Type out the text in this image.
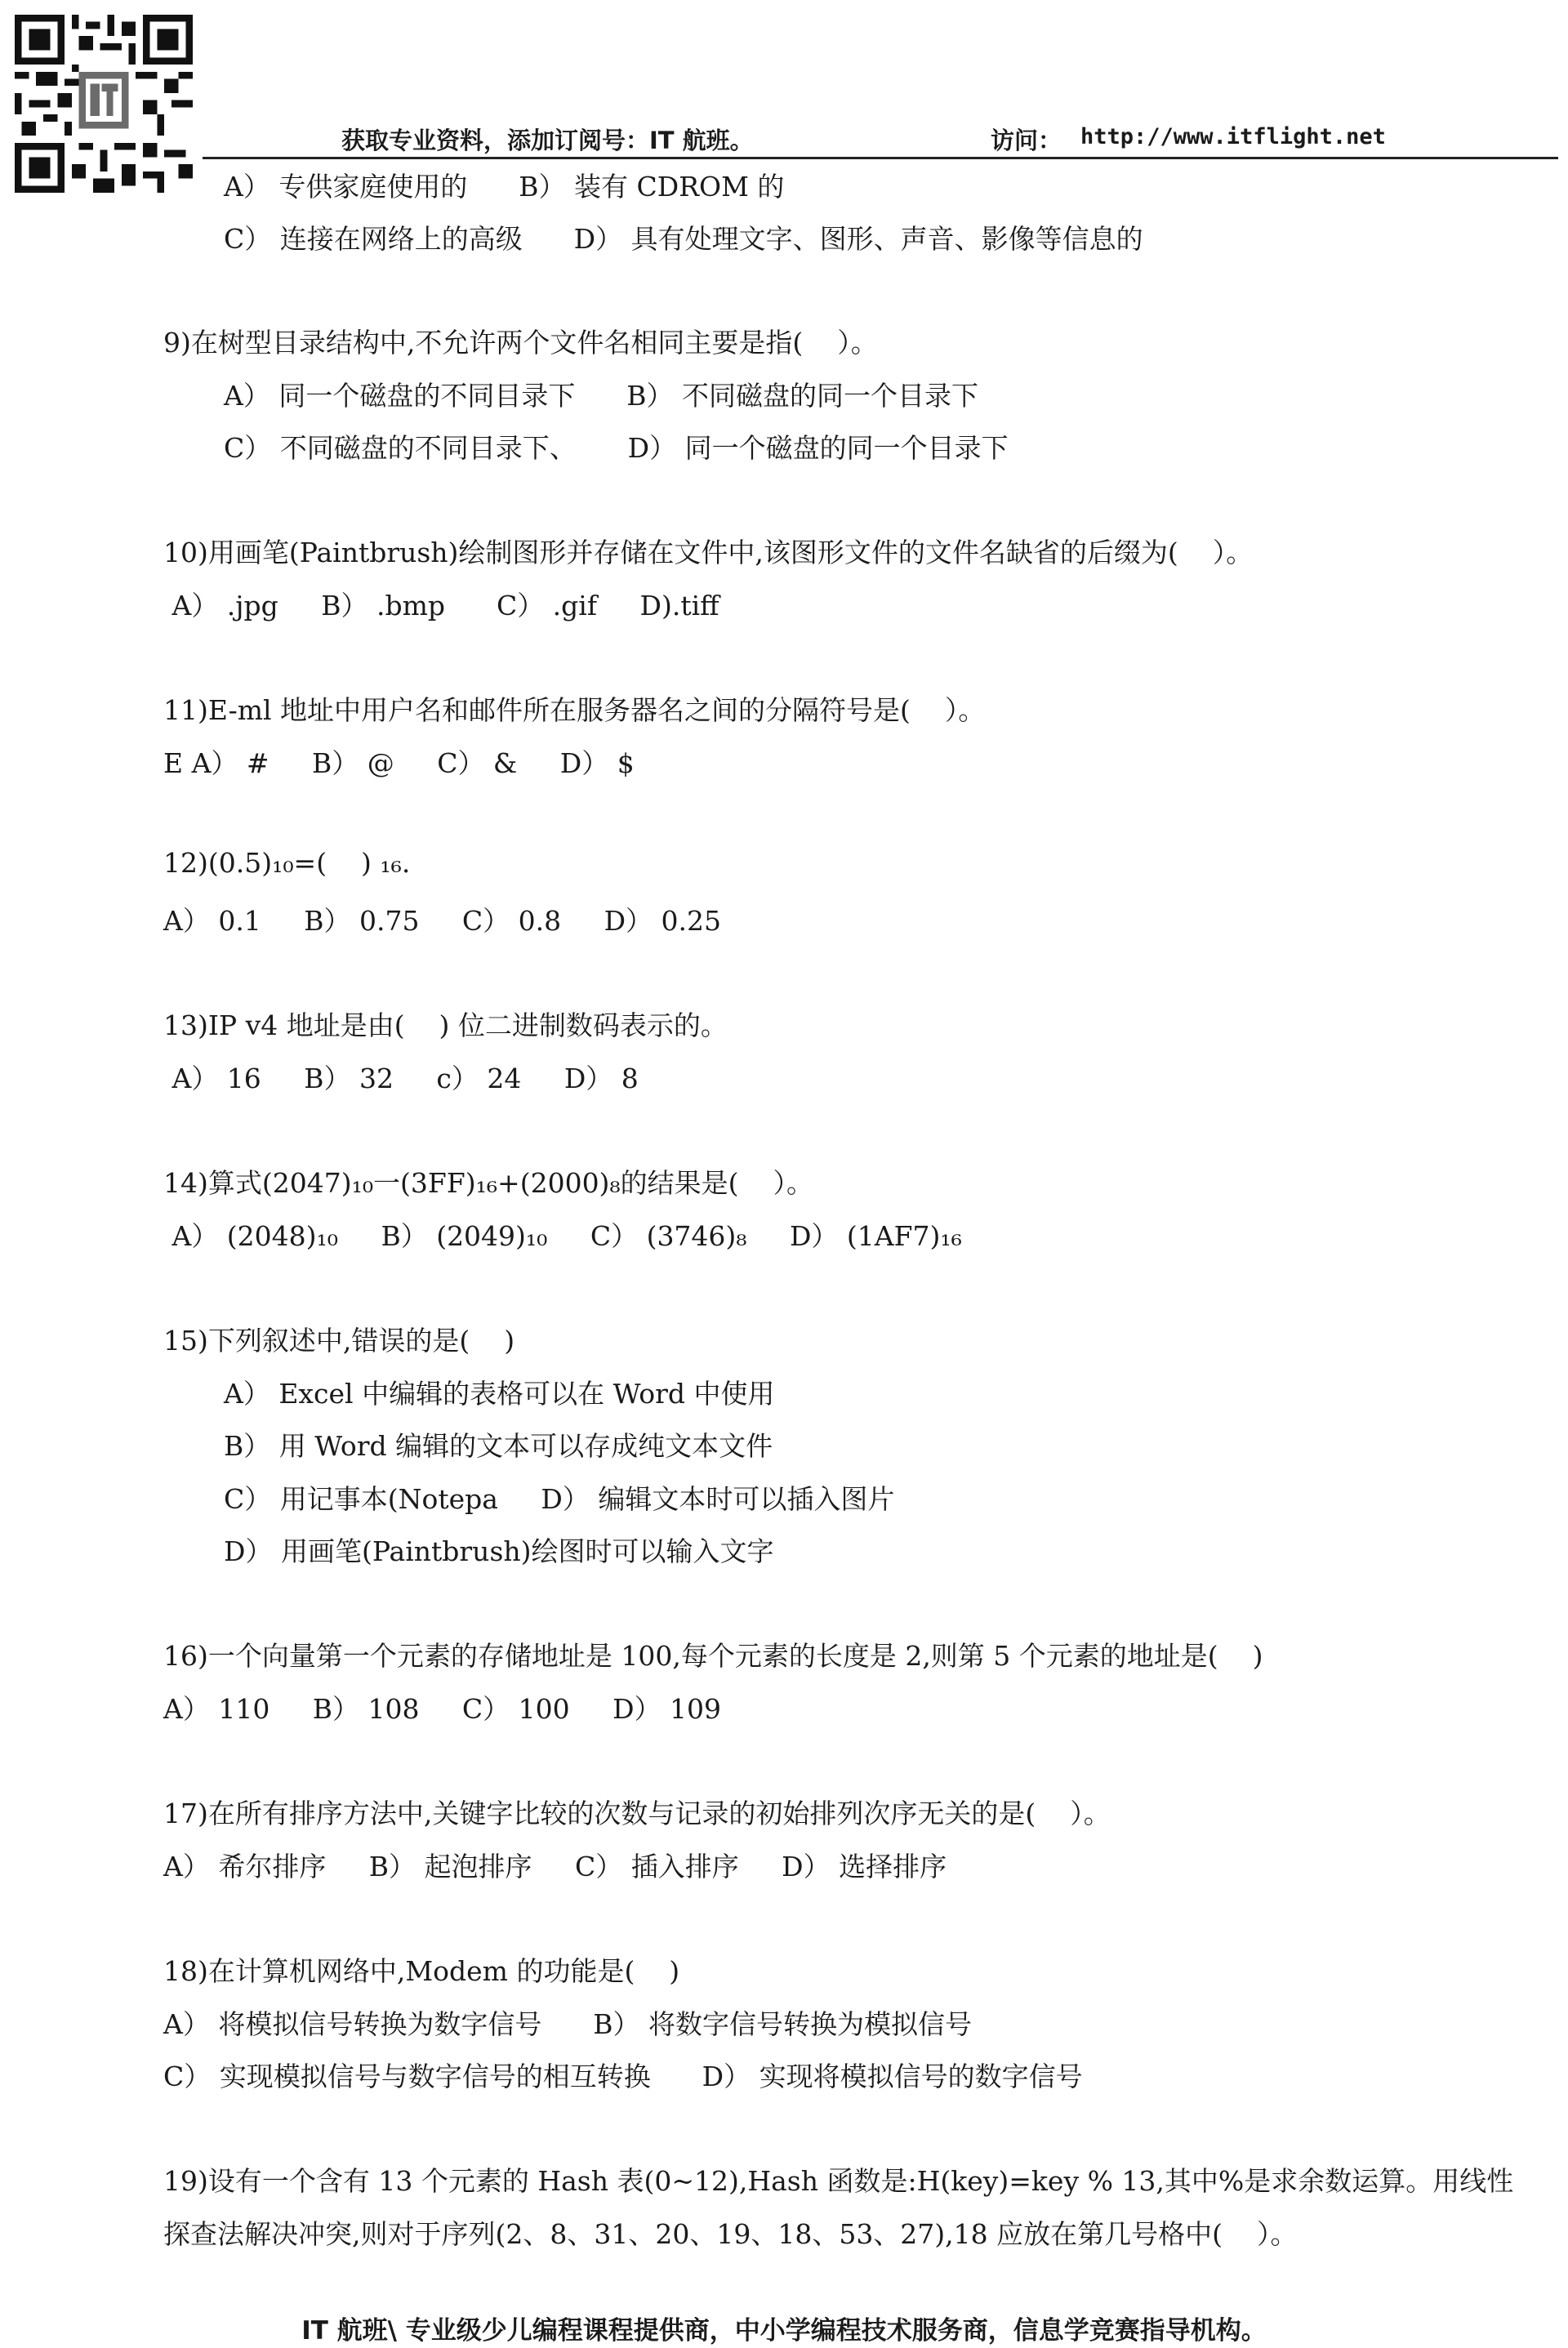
获取专业资料，添加订阅号：IT 航班。	访问： http://www.itflight.net
A） 专供家庭使用的      B） 装有 CDROM 的
C） 连接在网络上的高级      D） 具有处理文字、图形、声音、影像等信息的
9)在树型目录结构中,不允许两个文件名相同主要是指(    ）。
A） 同一个磁盘的不同目录下      B） 不同磁盘的同一个目录下
C） 不同磁盘的不同目录下、      D） 同一个磁盘的同一个目录下
10)用画笔(Paintbrush)绘制图形并存储在文件中,该图形文件的文件名缺省的后缀为(    ）。
A） .jpg     B） .bmp      C） .gif     D).tiff
11)E-ml 地址中用户名和邮件所在服务器名之间的分隔符号是(    ）。
E A） #     B） @     C） &     D） $
12)(0.5)₁₀=(    ) ₁₆.
A） 0.1     B） 0.75     C） 0.8     D） 0.25
13)IP v4 地址是由(    ) 位二进制数码表示的。
A） 16     B） 32     c） 24     D） 8
14)算式(2047)₁₀一(3FF)₁₆+(2000)₈的结果是(    ）。
A） (2048)₁₀     B） (2049)₁₀     C） (3746)₈     D） (1AF7)₁₆
15)下列叙述中,错误的是(    )
A） Excel 中编辑的表格可以在 Word 中使用
B） 用 Word 编辑的文本可以存成纯文本文件
C） 用记事本(Notepa     D） 编辑文本时可以插入图片
D） 用画笔(Paintbrush)绘图时可以输入文字
16)一个向量第一个元素的存储地址是 100,每个元素的长度是 2,则第 5 个元素的地址是(    )
A） 110     B） 108     C） 100     D） 109
17)在所有排序方法中,关键字比较的次数与记录的初始排列次序无关的是(    ）。
A） 希尔排序     B） 起泡排序     C） 插入排序     D） 选择排序
18)在计算机网络中,Modem 的功能是(    )
A） 将模拟信号转换为数字信号      B） 将数字信号转换为模拟信号
C） 实现模拟信号与数字信号的相互转换      D） 实现将模拟信号的数字信号
19)设有一个含有 13 个元素的 Hash 表(0~12),Hash 函数是:H(key)=key % 13,其中%是求余数运算。用线性
探查法解决冲突,则对于序列(2、8、31、20、19、18、53、27),18 应放在第几号格中(    ）。
IT 航班\ 专业级少儿编程课程提供商，中小学编程技术服务商，信息学竞赛指导机构。
